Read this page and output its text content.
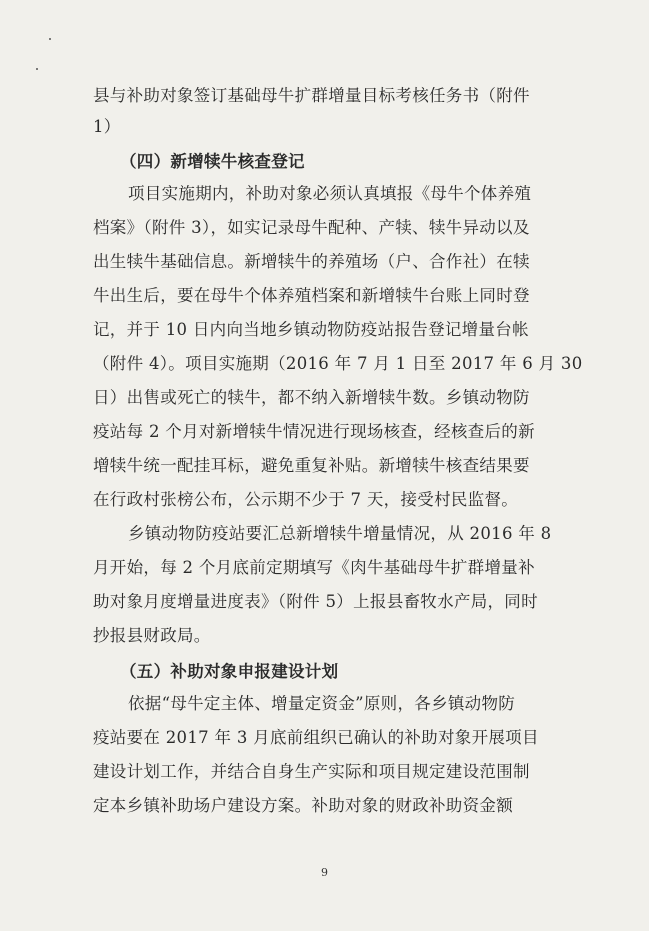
县与补助对象签订基础母牛扩群增量目标考核任务书（附件
1）
（四）新增犊牛核查登记
项目实施期内，补助对象必须认真填报《母牛个体养殖
档案》（附件 3），如实记录母牛配种、产犊、犊牛异动以及
出生犊牛基础信息。新增犊牛的养殖场（户、合作社）在犊
牛出生后，要在母牛个体养殖档案和新增犊牛台账上同时登
记，并于 10 日内向当地乡镇动物防疫站报告登记增量台帐
（附件 4）。项目实施期（2016 年 7 月 1 日至 2017 年 6 月 30
日）出售或死亡的犊牛，都不纳入新增犊牛数。乡镇动物防
疫站每 2 个月对新增犊牛情况进行现场核查，经核查后的新
增犊牛统一配挂耳标，避免重复补贴。新增犊牛核查结果要
在行政村张榜公布，公示期不少于 7 天，接受村民监督。
乡镇动物防疫站要汇总新增犊牛增量情况，从 2016 年 8
月开始，每 2 个月底前定期填写《肉牛基础母牛扩群增量补
助对象月度增量进度表》（附件 5）上报县畜牧水产局，同时
抄报县财政局。
（五）补助对象申报建设计划
依据“母牛定主体、增量定资金”原则，各乡镇动物防
疫站要在 2017 年 3 月底前组织已确认的补助对象开展项目
建设计划工作，并结合自身生产实际和项目规定建设范围制
定本乡镇补助场户建设方案。补助对象的财政补助资金额
9
